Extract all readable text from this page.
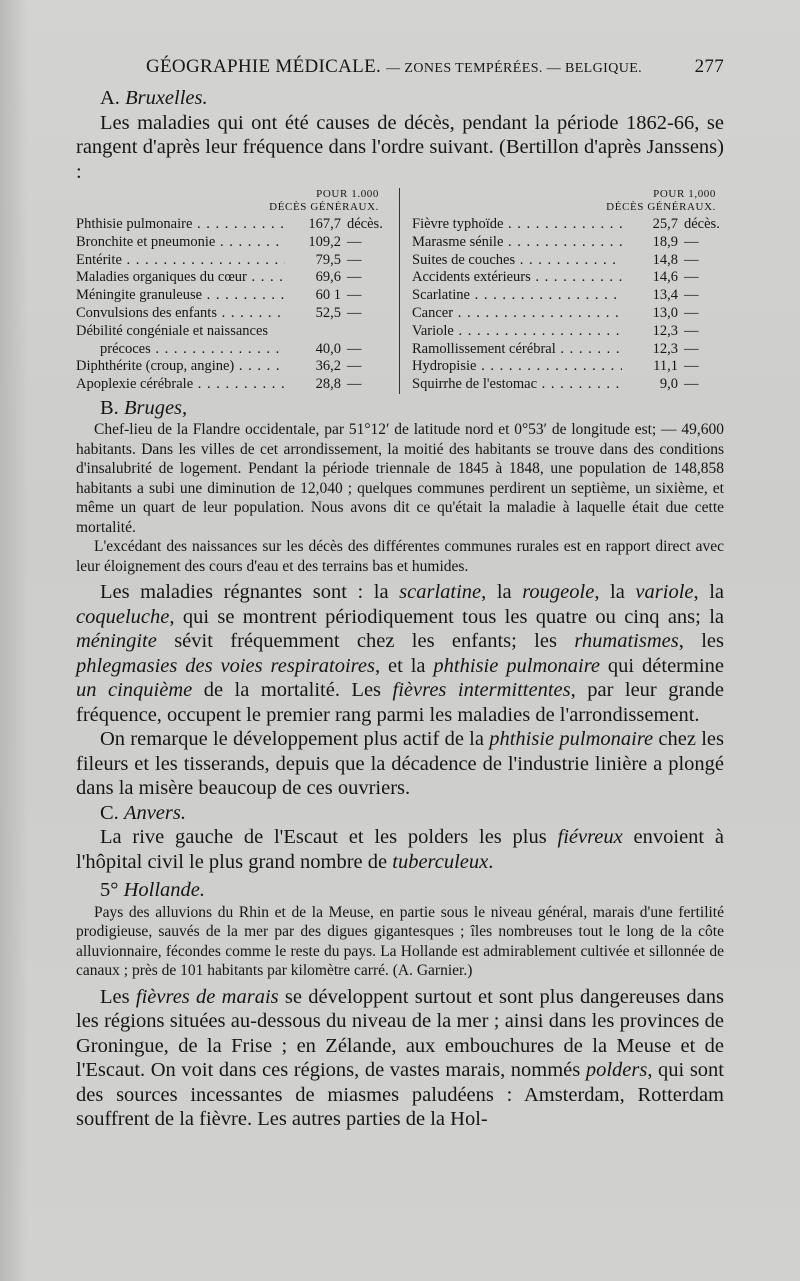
GÉOGRAPHIE MÉDICALE. — ZONES TEMPÉRÉES. — BELGIQUE.	277

A. Bruxelles.

Les maladies qui ont été causes de décès, pendant la période 1862-66, se rangent d'après leur fréquence dans l'ordre suivant. (Bertillon d'après Janssens) :

POUR 1.000
DÉCÈS GÉNÉRAUX.
Phthisie pulmonaire . . .	167,7 décès.
Bronchite et pneumonie . . .	109,2 —
Entérite . . .	79,5 —
Maladies organiques du cœur . . .	69,6 —
Méningite granuleuse . . .	60 1 —
Convulsions des enfants . . .	52,5 —
Débilité congéniale et naissances
précoces . . .	40,0 —
Diphthérite (croup, angine) . . .	36,2 —
Apoplexie cérébrale . . .	28,8 —
POUR 1,000
DÉCÈS GÉNÉRAUX.
Fièvre typhoïde . . .	25,7 décès.
Marasme sénile . . .	18,9 —
Suites de couches . . .	14,8 —
Accidents extérieurs . . .	14,6 —
Scarlatine . . .	13,4 —
Cancer . . .	13,0 —
Variole . . .	12,3 —
Ramollissement cérébral . . .	12,3 —
Hydropisie . . .	11,1 —
Squirrhe de l'estomac . . .	9,0 —

B. Bruges,

Chef-lieu de la Flandre occidentale, par 51°12′ de latitude nord et 0°53′ de longitude est; — 49,600 habitants. Dans les villes de cet arrondissement, la moitié des habitants se trouve dans des conditions d'insalubrité de logement. Pendant la période triennale de 1845 à 1848, une population de 148,858 habitants a subi une diminution de 12,040 ; quelques communes perdirent un septième, un sixième, et même un quart de leur population. Nous avons dit ce qu'était la maladie à laquelle était due cette mortalité.

L'excédant des naissances sur les décès des différentes communes rurales est en rapport direct avec leur éloignement des cours d'eau et des terrains bas et humides.

Les maladies régnantes sont : la scarlatine, la rougeole, la variole, la coqueluche, qui se montrent périodiquement tous les quatre ou cinq ans; la méningite sévit fréquemment chez les enfants; les rhumatismes, les phlegmasies des voies respiratoires, et la phthisie pulmonaire qui détermine un cinquième de la mortalité. Les fièvres intermittentes, par leur grande fréquence, occupent le premier rang parmi les maladies de l'arrondissement.

On remarque le développement plus actif de la phthisie pulmonaire chez les fileurs et les tisserands, depuis que la décadence de l'industrie linière a plongé dans la misère beaucoup de ces ouvriers.

C. Anvers.

La rive gauche de l'Escaut et les polders les plus fiévreux envoient à l'hôpital civil le plus grand nombre de tuberculeux.

5° Hollande.

Pays des alluvions du Rhin et de la Meuse, en partie sous le niveau général, marais d'une fertilité prodigieuse, sauvés de la mer par des digues gigantesques ; îles nombreuses tout le long de la côte alluvionnaire, fécondes comme le reste du pays. La Hollande est admirablement cultivée et sillonnée de canaux ; près de 101 habitants par kilomètre carré. (A. Garnier.)

Les fièvres de marais se développent surtout et sont plus dangereuses dans les régions situées au-dessous du niveau de la mer ; ainsi dans les provinces de Groningue, de la Frise ; en Zélande, aux embouchures de la Meuse et de l'Escaut. On voit dans ces régions, de vastes marais, nommés polders, qui sont des sources incessantes de miasmes paludéens : Amsterdam, Rotterdam souffrent de la fièvre. Les autres parties de la Hol-
